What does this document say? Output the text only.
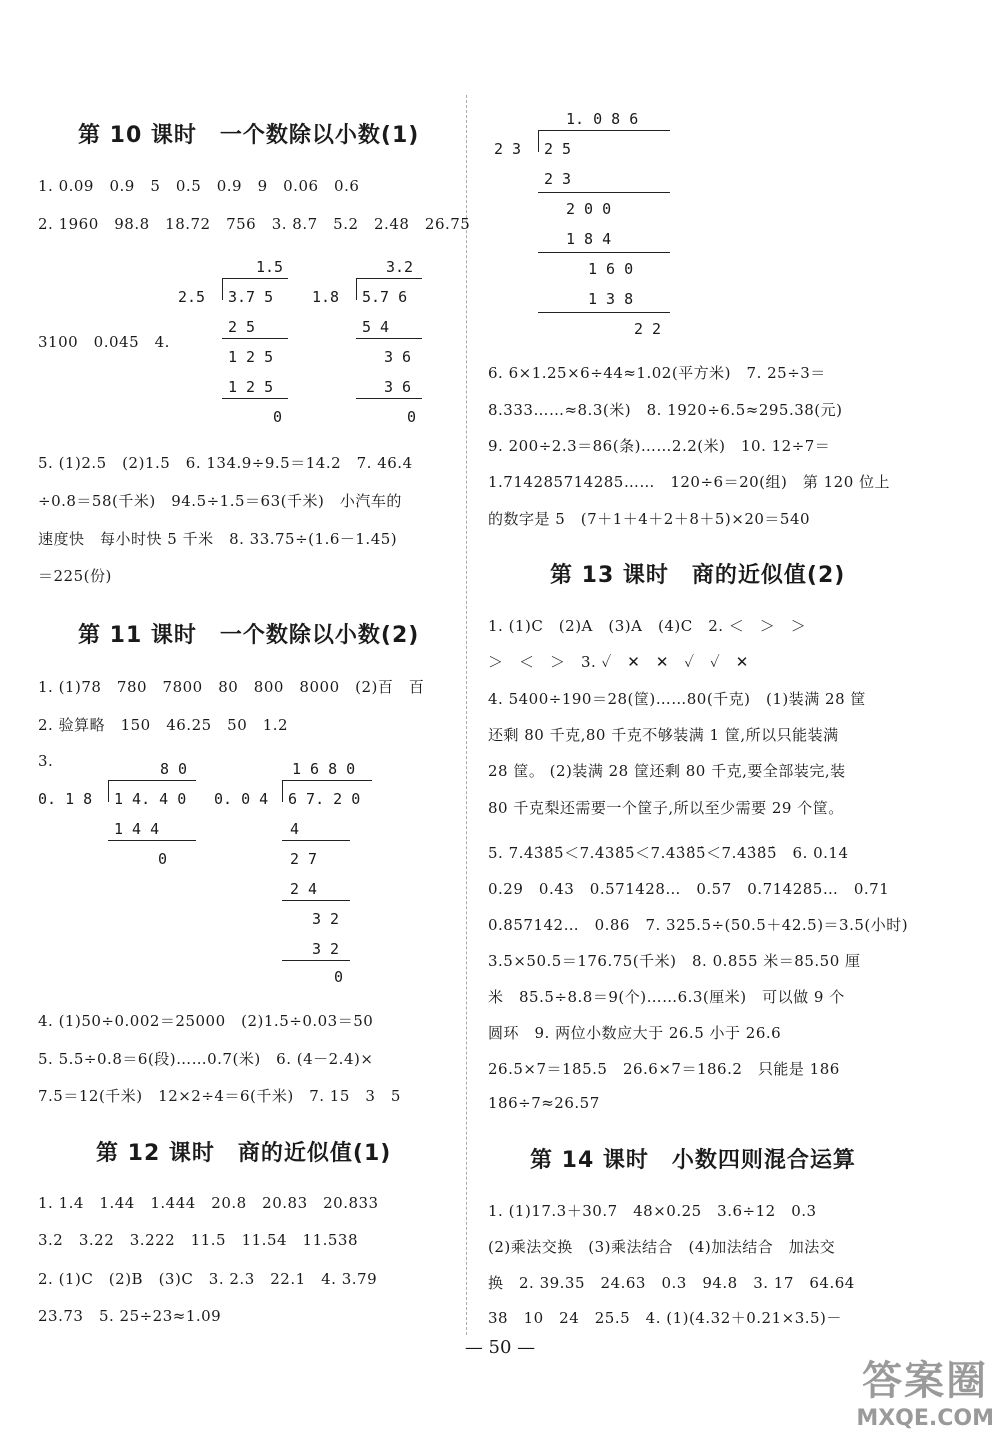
第 10 课时　一个数除以小数(1)
1. 0.09　0.9　5　0.5　0.9　9　0.06　0.6
2. 1960　98.8　18.72　756　3. 8.7　5.2　2.48　26.75
1.5
2.5 3.7 5
2 5
1 2 5
1 2 5
0
3.2
1.8 5.7 6
5 4
3 6
3 6
0
3100　0.045　4.
5. (1)2.5　(2)1.5　6. 134.9÷9.5＝14.2　7. 46.4
÷0.8＝58(千米)　94.5÷1.5＝63(千米)　小汽车的
速度快　每小时快 5 千米　8. 33.75÷(1.6－1.45)
＝225(份)
第 11 课时　一个数除以小数(2)
1. (1)78　780　7800　80　800　8000　(2)百　百
2. 验算略　150　46.25　50　1.2
3.	8 0
0. 1 8 1 4. 4 0
1 4 4
0
1 6 8 0
0. 0 4 6 7. 2 0
4
2 7
2 4
3 2
3 2
0
4. (1)50÷0.002＝25000　(2)1.5÷0.03＝50
5. 5.5÷0.8＝6(段)……0.7(米)　6. (4－2.4)×
7.5＝12(千米)　12×2÷4＝6(千米)　7. 15　3　5
第 12 课时　商的近似值(1)
1. 1.4　1.44　1.444　20.8　20.83　20.833
3.2　3.22　3.222　11.5　11.54　11.538
2. (1)C　(2)B　(3)C　3. 2.3　22.1　4. 3.79
23.73　5. 25÷23≈1.09
1. 0 8 6
2 3 2 5
2 3
2 0 0
1 8 4
1 6 0
1 3 8
2 2
6. 6×1.25×6÷44≈1.02(平方米)　7. 25÷3＝
8.333……≈8.3(米)　8. 1920÷6.5≈295.38(元)
9. 200÷2.3＝86(条)……2.2(米)　10. 12÷7＝
1.714285714285……　120÷6＝20(组)　第 120 位上
的数字是 5　(7＋1＋4＋2＋8＋5)×20＝540
第 13 课时　商的近似值(2)
1. (1)C　(2)A　(3)A　(4)C　2. ＜　＞　＞
＞　＜　＞　3. ✓　✕　✕　✓　✓　✕
4. 5400÷190＝28(筐)……80(千克)　(1)装满 28 筐
还剩 80 千克,80 千克不够装满 1 筐,所以只能装满
28 筐。 (2)装满 28 筐还剩 80 千克,要全部装完,装
80 千克梨还需要一个筐子,所以至少需要 29 个筐。
5. 7.4̇3̇8̇5̇＜7.4̇38̇5̇＜7.43̇8̇5̇＜7.43̇8̇5̇　6. 0.14
0.29　0.43　0.571428…　0.57　0.714285…　0.71
0.857142…　0.86　7. 325.5÷(50.5＋42.5)＝3.5(小时)
3.5×50.5＝176.75(千米)　8. 0.855 米＝85.50 厘
米　85.5÷8.8＝9(个)……6.3(厘米)　可以做 9 个
圆环　9. 两位小数应大于 26.5 小于 26.6
26.5×7＝185.5　26.6×7＝186.2　只能是 186
186÷7≈26.57
第 14 课时　小数四则混合运算
1. (1)17.3＋30.7　48×0.25　3.6÷12　0.3
(2)乘法交换　(3)乘法结合　(4)加法结合　加法交
换　2. 39.35　24.63　0.3　94.8　3. 17　64.64
38　10　24　25.5　4. (1)(4.32＋0.21×3.5)－
— 50 —
答案圈
MXQE.COM
